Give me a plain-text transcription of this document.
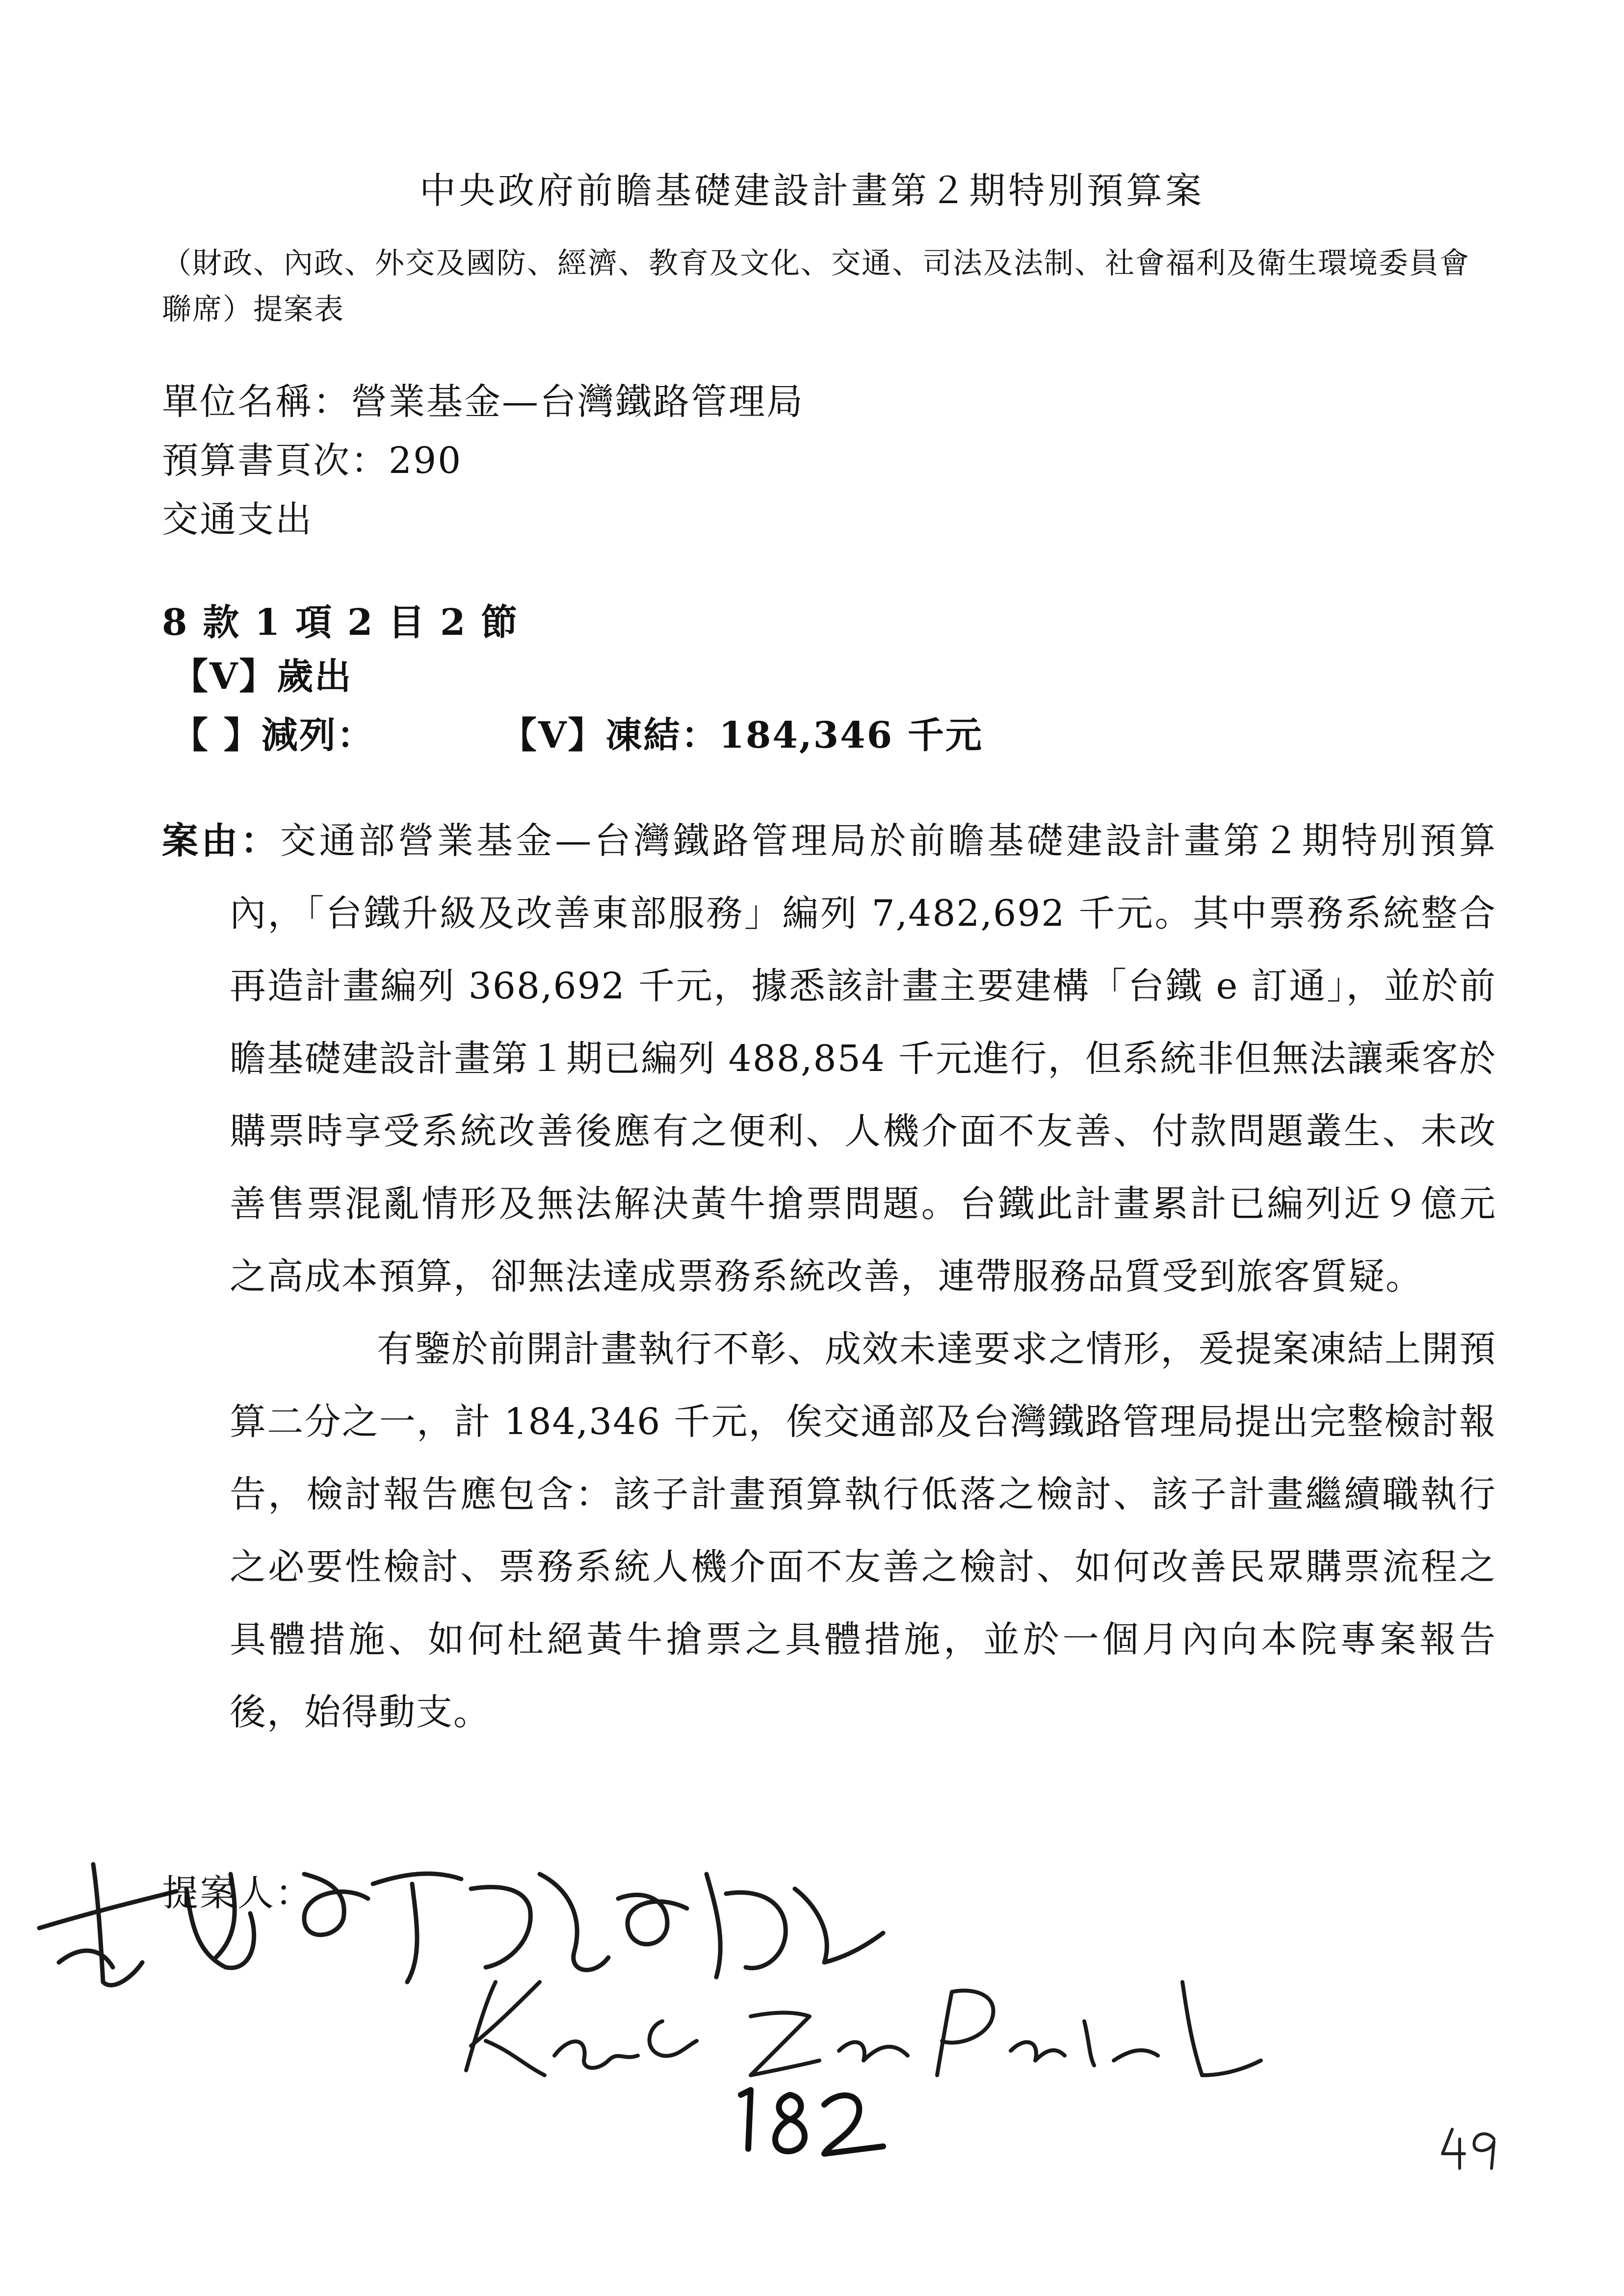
中央政府前瞻基礎建設計畫第２期特別預算案
（財政、內政、外交及國防、經濟、教育及文化、交通、司法及法制、社會福利及衛生環境委員會聯席）提案表
單位名稱：營業基金—台灣鐵路管理局
預算書頁次：290
交通支出
8 款 1 項 2 目 2 節
【V】歲出
【 】減列：	【V】凍結：184,346 千元

案由：交通部營業基金—台灣鐵路管理局於前瞻基礎建設計畫第２期特別預算內，「台鐵升級及改善東部服務」編列 7,482,692 千元。其中票務系統整合再造計畫編列 368,692 千元，據悉該計畫主要建構「台鐵 e 訂通」，並於前瞻基礎建設計畫第１期已編列 488,854 千元進行，但系統非但無法讓乘客於購票時享受系統改善後應有之便利、人機介面不友善、付款問題叢生、未改善售票混亂情形及無法解決黃牛搶票問題。台鐵此計畫累計已編列近９億元之高成本預算，卻無法達成票務系統改善，連帶服務品質受到旅客質疑。

有鑒於前開計畫執行不彰、成效未達要求之情形，爰提案凍結上開預算二分之一，計 184,346 千元，俟交通部及台灣鐵路管理局提出完整檢討報告，檢討報告應包含：該子計畫預算執行低落之檢討、該子計畫繼續職執行之必要性檢討、票務系統人機介面不友善之檢討、如何改善民眾購票流程之具體措施、如何杜絕黃牛搶票之具體措施，並於一個月內向本院專案報告後，始得動支。

提案人：
